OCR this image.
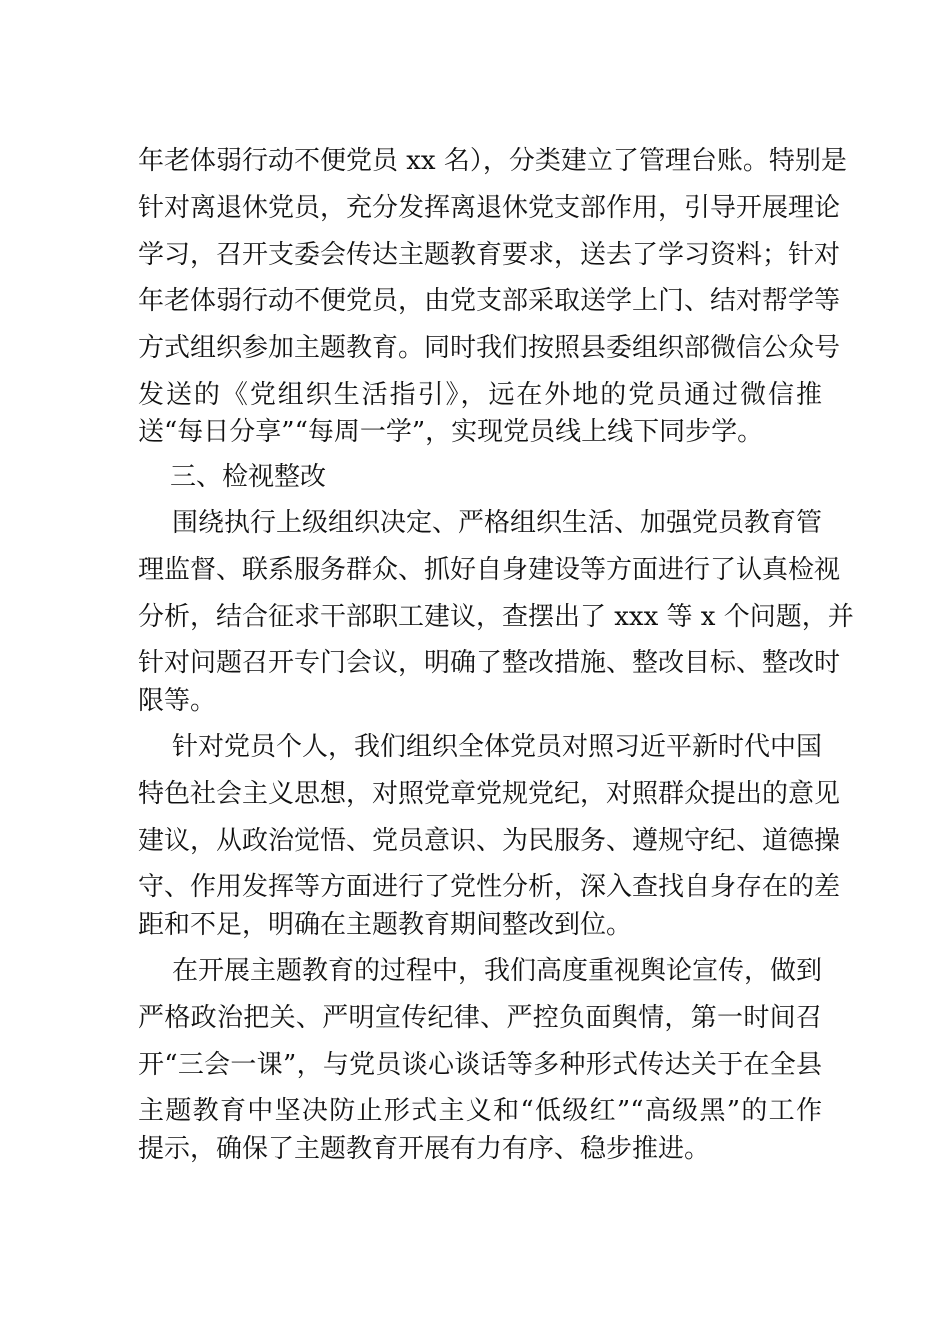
年老体弱行动不便党员 xx 名），分类建立了管理台账。特别是
针对离退休党员，充分发挥离退休党支部作用，引导开展理论
学习，召开支委会传达主题教育要求，送去了学习资料；针对
年老体弱行动不便党员，由党支部采取送学上门、结对帮学等
方式组织参加主题教育。同时我们按照县委组织部微信公众号
发送的《党组织生活指引》，远在外地的党员通过微信推
送“每日分享”“每周一学”，实现党员线上线下同步学。
三、检视整改
围绕执行上级组织决定、严格组织生活、加强党员教育管
理监督、联系服务群众、抓好自身建设等方面进行了认真检视
分析，结合征求干部职工建议，查摆出了 xxx 等 x 个问题，并
针对问题召开专门会议，明确了整改措施、整改目标、整改时
限等。
针对党员个人，我们组织全体党员对照习近平新时代中国
特色社会主义思想，对照党章党规党纪，对照群众提出的意见
建议，从政治觉悟、党员意识、为民服务、遵规守纪、道德操
守、作用发挥等方面进行了党性分析，深入查找自身存在的差
距和不足，明确在主题教育期间整改到位。
在开展主题教育的过程中，我们高度重视舆论宣传，做到
严格政治把关、严明宣传纪律、严控负面舆情，第一时间召
开“三会一课”，与党员谈心谈话等多种形式传达关于在全县
主题教育中坚决防止形式主义和“低级红”“高级黑”的工作
提示，确保了主题教育开展有力有序、稳步推进。
